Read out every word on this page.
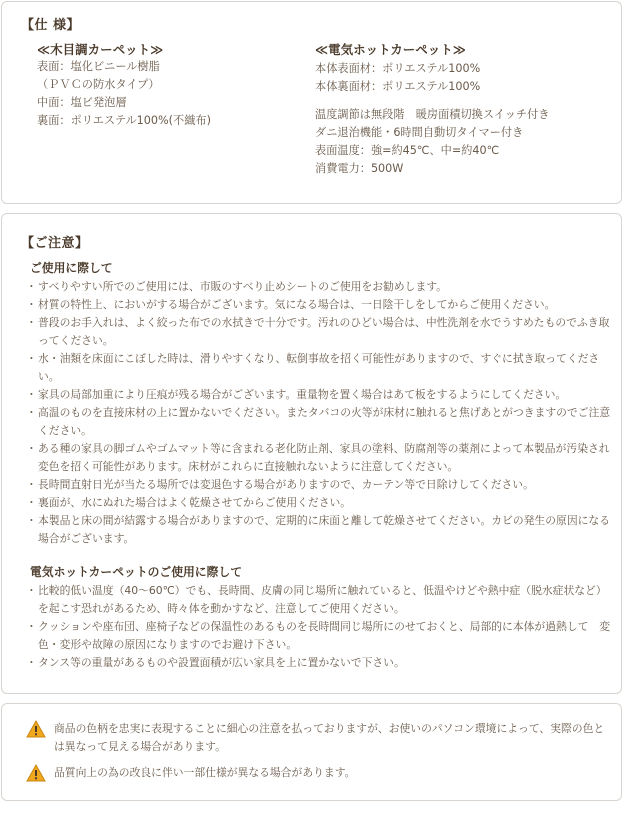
【仕 様】
≪木目調カーペット≫
表面：塩化ビニール樹脂
（ＰＶＣの防水タイプ）
中面：塩ビ発泡層
裏面：ポリエステル100%(不織布)
≪電気ホットカーペット≫
本体表面材：ポリエステル100%
本体裏面材：ポリエステル100%
温度調節は無段階　暖房面積切換スイッチ付き
ダニ退治機能・6時間自動切タイマー付き
表面温度：強=約45℃、中=約40℃
消費電力：500W
【ご注意】
ご使用に際して
・ すべりやすい所でのご使用には、市販のすべり止めシートのご使用をお勧めします。
・ 材質の特性上、においがする場合がございます。気になる場合は、一日陰干しをしてからご使用ください。
・ 普段のお手入れは、よく絞った布での水拭きで十分です。汚れのひどい場合は、中性洗剤を水でうすめたものでふき取ってください。
・ 水・油類を床面にこぼした時は、滑りやすくなり、転倒事故を招く可能性がありますので、すぐに拭き取ってください。
・ 家具の局部加重により圧痕が残る場合がございます。重量物を置く場合はあて板をするようにしてください。
・ 高温のものを直接床材の上に置かないでください。またタバコの火等が床材に触れると焦げあとがつきますのでご注意ください。
・ ある種の家具の脚ゴムやゴムマット等に含まれる老化防止剤、家具の塗料、防腐剤等の薬剤によって本製品が汚染され変色を招く可能性があります。床材がこれらに直接触れないように注意してください。
・ 長時間直射日光が当たる場所では変退色する場合がありますので、カーテン等で日除けしてください。
・ 裏面が、水にぬれた場合はよく乾燥させてからご使用ください。
・ 本製品と床の間が結露する場合がありますので、定期的に床面と離して乾燥させてください。カビの発生の原因になる場合がございます。
電気ホットカーペットのご使用に際して
・ 比較的低い温度（40〜60℃）でも、長時間、皮膚の同じ場所に触れていると、低温やけどや熱中症（脱水症状など）を起こす恐れがあるため、時々体を動かすなど、注意してご使用ください。
・ クッションや座布団、座椅子などの保温性のあるものを長時間同じ場所にのせておくと、局部的に本体が過熱して　変色・変形や故障の原因になりますのでお避け下さい。
・ タンス等の重量があるものや設置面積が広い家具を上に置かないで下さい。
商品の色柄を忠実に表現することに細心の注意を払っておりますが、お使いのパソコン環境によって、実際の色とは異なって見える場合があります。
品質向上の為の改良に伴い一部仕様が異なる場合があります。
